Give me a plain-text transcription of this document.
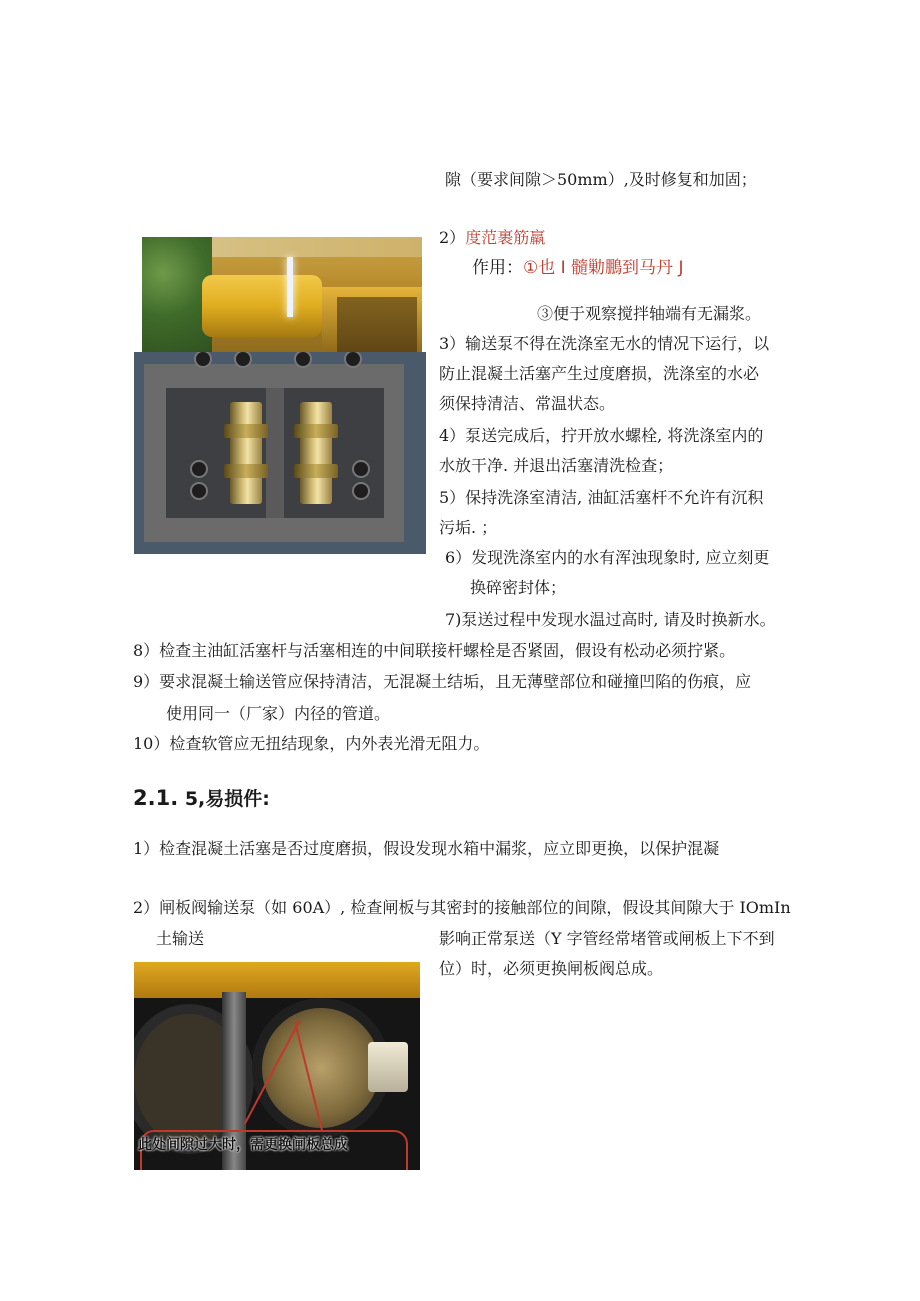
隙（要求间隙＞50mm）,及时修复和加固；
2）度范裹筋羸
作用：①也 I 髓勦鵬到马丹 J
③便于观察搅拌轴端有无漏浆。
3）输送泵不得在洗涤室无水的情况下运行，以
防止混凝土活塞产生过度磨损，洗涤室的水必
须保持清洁、常温状态。
4）泵送完成后，拧开放水螺栓, 将洗涤室内的
水放干净. 并退出活塞清洗检查；
5）保持洗涤室清洁, 油缸活塞杆不允许有沉积
污垢. ；
6）发现洗涤室内的水有浑浊现象时, 应立刻更
换碎密封体；
7)泵送过程中发现水温过高时, 请及时换新水。
8）检查主油缸活塞杆与活塞相连的中间联接杆螺栓是否紧固，假设有松动必须拧紧。
9）要求混凝土输送管应保持清洁，无混凝土结垢，且无薄壁部位和碰撞凹陷的伤痕，应
使用同一（厂家）内径的管道。
10）检查软管应无扭结现象，内外表光滑无阻力。
2.1. 5,易损件:
1）检查混凝土活塞是否过度磨损，假设发现水箱中漏浆，应立即更换，以保护混凝
2）闸板阀输送泵（如 60A）, 检查闸板与其密封的接触部位的间隙，假设其间隙大于 IOmIn
土输送	影响正常泵送（Y 字管经常堵管或闸板上下不到
位）时，必须更换闸板阀总成。
此处间隙过大时，需更换闸板总成
